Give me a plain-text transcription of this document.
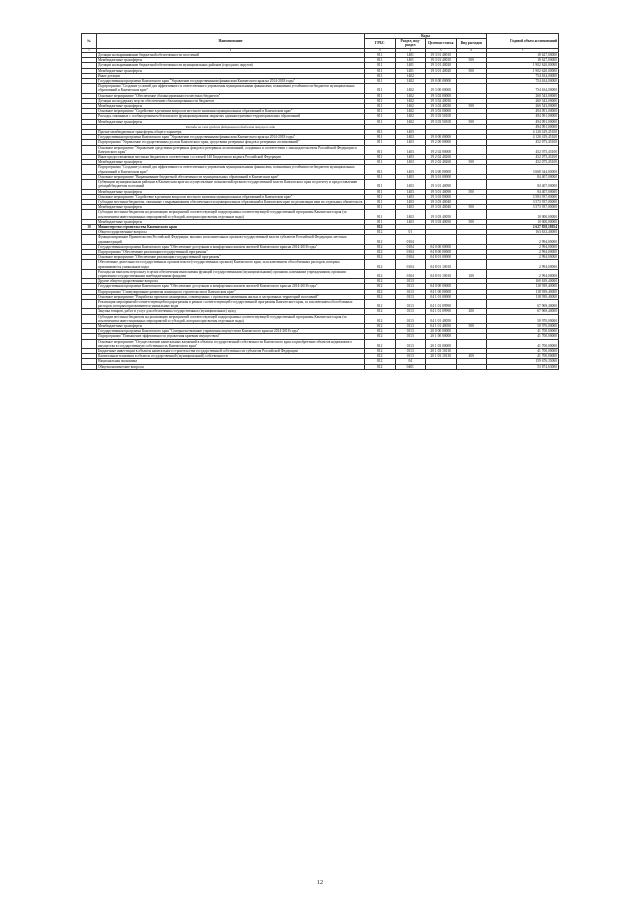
№	Наименование	Коды				Годовой объем ассигнований
		ГРБС	Раздел, под-раздел	Целевая статья	Вид расходов	
1	2	3	4	5	6	7
	Дотации на выравнивание бюджетной обеспеченности поселений	811	1401	19 3 01 40010		18 627,00000
	Межбюджетные трансферты	811	1401	19 3 01 40010	500	18 627,00000
	Дотации на выравнивание бюджетной обеспеченности муниципальных районов (городских округов)	811	1401	19 3 01 40020		1 902 620,00000
	Межбюджетные трансферты	811	1401	19 3 01 40020	500	1 902 620,00000
	Иные дотации	811	1402			754 634,00000
	Государственная программа Камчатского края "Управление государственными финансами Камчатского края на 2014-2018 годы"	811	1402	19 0 00 00000		754 634,00000
	Подпрограмма "Создание условий для эффективного и ответственного управления муниципальными финансами, повышения устойчивости бюджетов муниципальных образований в Камчатском крае"	811	1402	19 3 00 00000		754 634,00000
	Основное мероприятие "Обеспечение сбалансированности местных бюджетов"	811	1402	19 3 02 00000		260 543,00000
	Дотации на поддержку мер по обеспечению сбалансированности бюджетов	811	1402	19 3 02 40030		260 543,00000
	Межбюджетные трансферты	811	1402	19 3 02 40030	500	260 543,00000
	Основное мероприятие "Содействие в решении вопросов местного значения муниципальных образований в Камчатском крае"	811	1402	19 3 03 00000		494 091,00000
	Расходы, связанные с особым режимом безопасного функционирования закрытых административно-территориальных образований	811	1402	19 3 03 50100		494 091,00000
	Межбюджетные трансферты	811	1402	19 3 03 50100	500	494 091,00000
	Расходы за счет средств федерального бюджета текущего года					494 091,00000
	Прочие межбюджетные трансферты общего характера	811	1403			4 120 419,45100
	Государственная программа Камчатского края "Управление государственными финансами Камчатского края на 2014-2018 годы"	811	1403	19 0 00 00000		4 120 419,45100
	Подпрограмма "Управление государственным долгом Камчатского края, средствами резервных фондов и резервных ассигнований"	811	1403	19 2 00 00000		452 075,45100
	Основное мероприятие "Управление средствами резервных фондов и резервных ассигнований, созданных в соответствии с законодательством Российской Федерации и Камчатского края"	811	1403	19 2 02 00000		452 075,45100
	Иные предоставляемые местным бюджетам в соответствии со статьей 140 Бюджетного кодекса Российской Федерации	811	1403	19 2 02 40260		452 075,45100
	Межбюджетные трансферты	811	1403	19 2 02 40260	500	452 075,45100
	Подпрограмма "Создание условий для эффективного и ответственного управления муниципальными финансами, повышения устойчивости бюджетов муниципальных образований в Камчатском крае"	811	1403	19 3 00 00000		3 668 344,00000
	Основное мероприятие "Выравнивание бюджетной обеспеченности муниципальных образований в Камчатском крае"	811	1403	19 3 01 00000		84 407,00000
	Субвенции муниципальным районам в Камчатском крае на осуществление полномочий органов государственной власти Камчатского края по расчету и предоставлению дотаций бюджетам поселений	811	1403	19 3 01 40090		84 407,00000
	Межбюджетные трансферты	811	1403	19 3 01 40090	500	84 407,00000
	Основное мероприятие "Содействие в решении вопросов местного значения муниципальных образований в Камчатском крае"	811	1403	19 3 03 00000		3 583 937,00000
	Субсидии местным бюджетам, связанные с выравниванием обеспеченности муниципальных образований в Камчатском крае по реализации ими их отдельных обязательств	811	1403	19 3 03 40040		3 573 937,00000
	Межбюджетные трансферты	811	1403	19 3 03 40040	500	3 573 937,00000
	Субсидии местным бюджетам на реализацию мероприятий соответствующей подпрограммы соответствующей государственной программы Камчатского края (за исключением инвестиционных мероприятий и субсидий, которым присвоены отдельные коды)	811	1403	19 3 03 40050		10 000,00000
	Межбюджетные трансферты	811	1403	19 3 03 40050	500	10 000,00000
10	Министерство строительства Камчатского края	812				2 627 858,18054
	Общегосударственные вопросы	812	01			163 633,40000
	Функционирование Правительства Российской Федерации, высших исполнительных органов государственной власти субъектов Российской Федерации, местных администраций	812	0104			2 994,00000
	Государственная программа Камчатского края "Обеспечение доступным и комфортным жильем жителей Камчатского края на 2014-2018 годы"	812	0104	04 0 00 00000		2 994,00000
	Подпрограмма "Обеспечение реализации государственной программы"	812	0104	04 8 00 00000		2 994,00000
	Основное мероприятие "Обеспечение реализации государственной программы"	812	0104	04 8 01 00000		2 994,00000
	Обеспечение деятельности государственных органов власти (государственных органов) Камчатского края, за исключением обособленных расходов, которым присваиваются уникальные коды	812	0104	04 8 01 10010		2 994,00000
	Расходы на выплаты персоналу в целях обеспечения выполнения функций государственными (муниципальными) органами, казенными учреждениями, органами управления государственными внебюджетными фондами	812	0104	04 8 01 10010	100	2 994,00000
	Другие общегосударственные вопросы	812	0113			160 639,40000
	Государственная программа Камчатского края "Обеспечение доступным и комфортным жильем жителей Камчатского края на 2014-2018 годы"	812	0113	04 0 00 00000		118 939,40000
	Подпрограмма "Стимулирование развития жилищного строительства в Камчатском крае"	812	0113	04 1 00 00000		118 939,40000
	Основное мероприятие "Разработка проектов планировки, совмещенных с проектами межевания жилых и застроенных территорий поселений"	812	0113	04 1 01 00000		118 939,40000
	Реализация мероприятий соответствующей подпрограммы в рамках соответствующей государственной программы Камчатского края, за исключением обособленных расходов, которым присваиваются уникальные коды	812	0113	04 1 01 09990		67 969,40000
	Закупка товаров, работ и услуг для обеспечения государственных (муниципальных) нужд	812	0113	04 1 01 09990	200	67 969,40000
	Субсидии местным бюджетам на реализацию мероприятий соответствующей подпрограммы соответствующей государственной программы Камчатского края (за исключением инвестиционных мероприятий и субсидий, которым присвоены отдельные коды)	812	0113	04 1 01 40050		50 970,00000
	Межбюджетные трансферты	812	0113	04 1 01 40050	500	50 970,00000
	Государственная программа Камчатского края "Совершенствование управления имуществом Камчатского края на 2014-2018 годы"	812	0113	20 0 00 00000		41 700,00000
	Подпрограмма "Повышение эффективности управления краевым имуществом"	812	0113	20 1 00 00000		41 700,00000
	Основное мероприятие "Осуществление капитальных вложений в объекты государственной собственности Камчатского края и приобретение объектов недвижимого имущества в государственную собственность Камчатского края"	812	0113	20 1 03 00000		41 700,00000
	Бюджетные инвестиции в объекты капитального строительства государственной собственности субъектов Российской Федерации	812	0113	20 1 03 10130		41 700,00000
	Капитальные вложения в объекты государственной (муниципальной) собственности	812	0113	20 1 03 10130	400	41 700,00000
	Национальная экономика	812	04			159 676,35000
	Общеэкономические вопросы	812	0401			53 874,63000
12
